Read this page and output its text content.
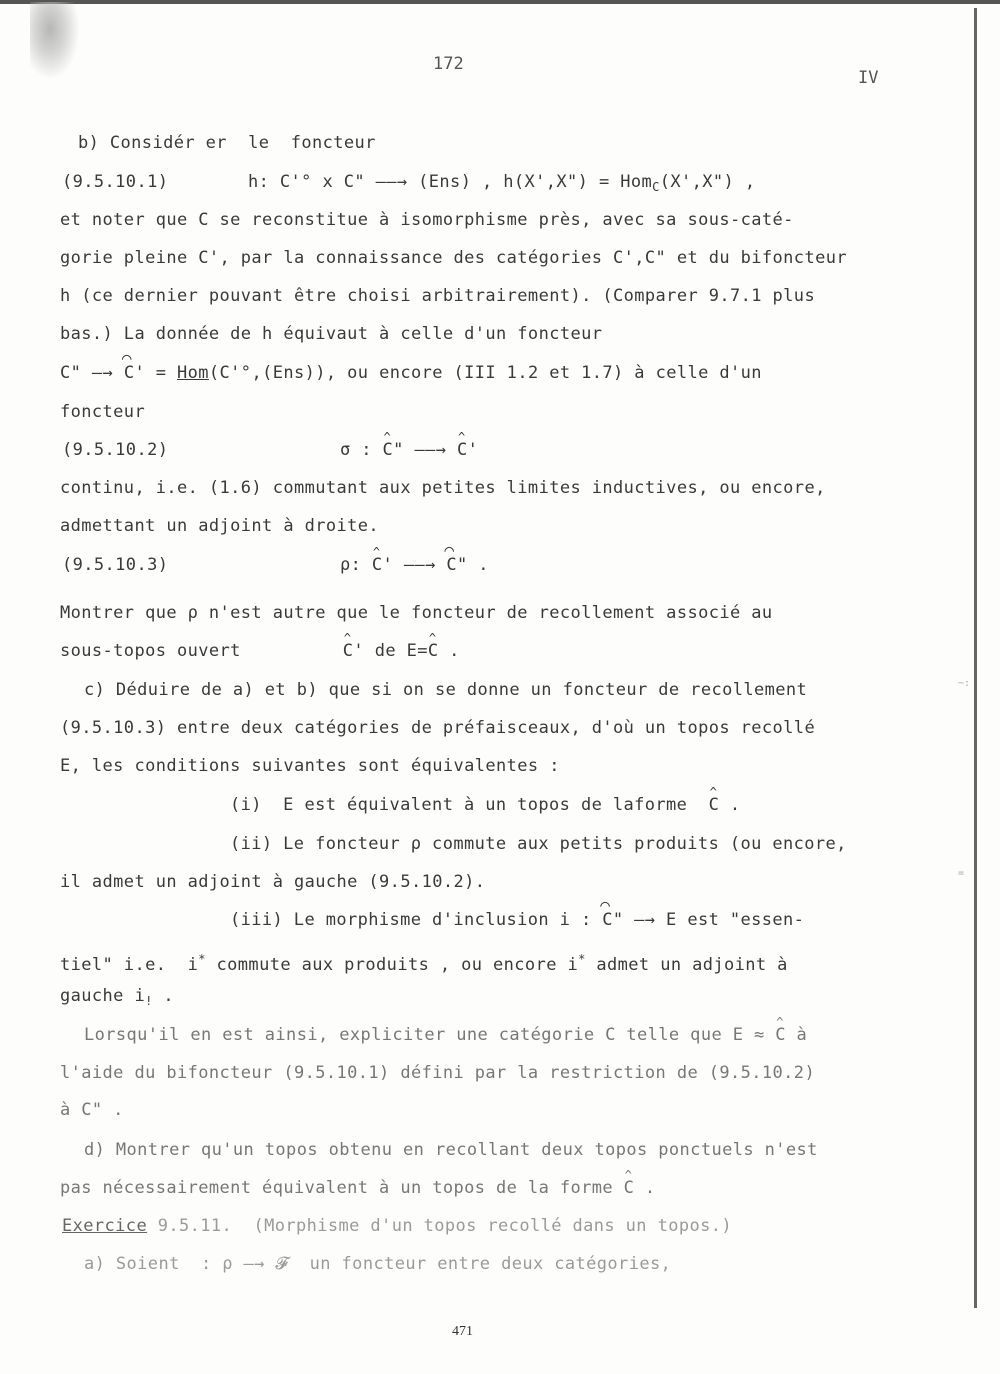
~:
=
172
IV
b) Considér er  le  foncteur
(9.5.10.1)	h: C'° x C" ——→ (Ens) , h(X',X") = Hom$_C$(X',X") ,
et noter que C se reconstitue à isomorphisme près, avec sa sous-caté-
gorie pleine C', par la connaissance des catégories C',C" et du bifoncteur
h (ce dernier pouvant être choisi arbitrairement). (Comparer 9.7.1 plus
bas.) La donnée de h équivaut à celle d'un foncteur
C" —→ ⌒ C' = Hom(C'°,(Ens)), ou encore (III 1.2 et 1.7) à celle d'un
foncteur
(9.5.10.2)	σ : ^ C" ——→ ^ C'
continu, i.e. (1.6) commutant aux petites limites inductives, ou encore,
admettant un adjoint à droite.
(9.5.10.3)	ρ: ^ C' ——→ ⌒ C" .
Montrer que ρ n'est autre que le foncteur de recollement associé au
sous-topos ouvert^	C' de E=^ C .
c) Déduire de a) et b) que si on se donne un foncteur de recollement
(9.5.10.3) entre deux catégories de préfaisceaux, d'où un topos recollé
E, les conditions suivantes sont équivalentes :
(i)  E est équivalent à un topos de laforme  ^ C .
(ii) Le foncteur ρ commute aux petits produits (ou encore,
il admet un adjoint à gauche (9.5.10.2).
(iii) Le morphisme d'inclusion i : ⌒ C" —→ E est "essen-
tiel" i.e.  i* commute aux produits , ou encore i* admet un adjoint à
gauche $i_!$ .
Lorsqu'il en est ainsi, expliciter une catégorie C telle que E ≈ ^ C à
l'aide du bifoncteur (9.5.10.1) défini par la restriction de (9.5.10.2)
à C" .
d) Montrer qu'un topos obtenu en recollant deux topos ponctuels n'est
pas nécessairement équivalent à un topos de la forme ^ C .
Exercice 9.5.11.  (Morphisme d'un topos recollé dans un topos.)
a) Soient  : ρ —→ 𝓕  un foncteur entre deux catégories,
471
